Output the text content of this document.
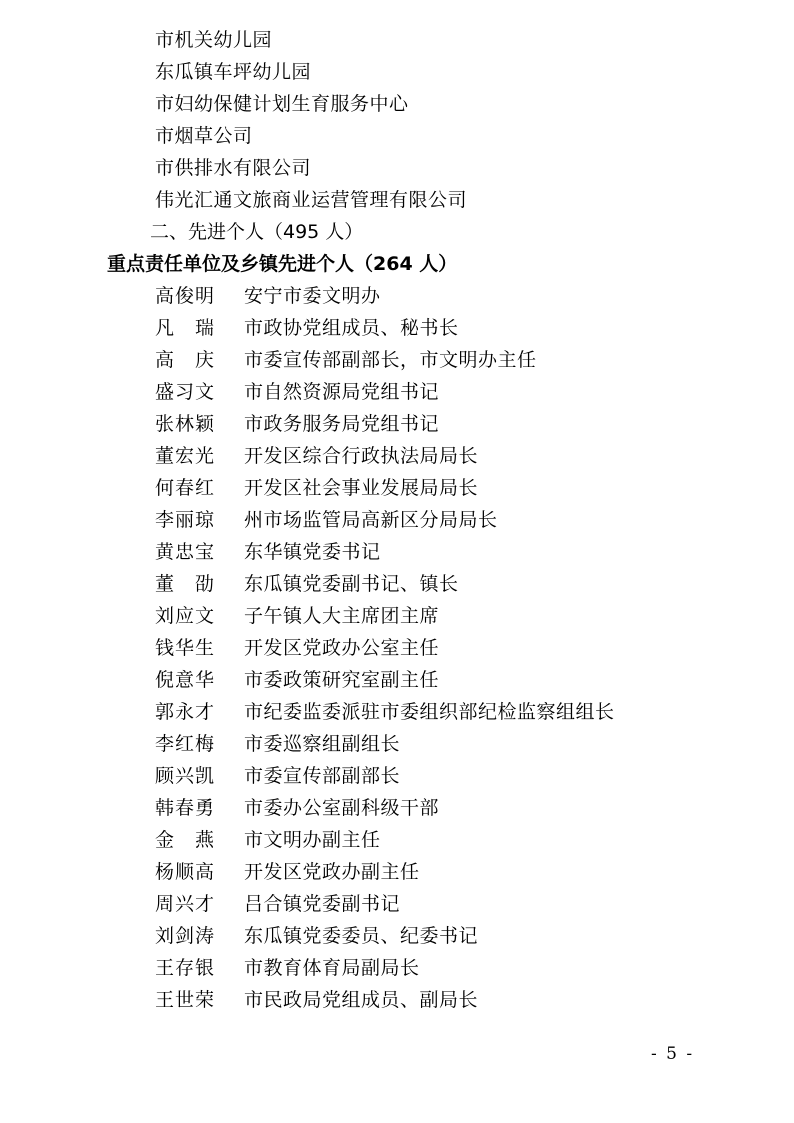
市机关幼儿园
东瓜镇车坪幼儿园
市妇幼保健计划生育服务中心
市烟草公司
市供排水有限公司
伟光汇通文旅商业运营管理有限公司
二、先进个人（495 人）
重点责任单位及乡镇先进个人（264 人）
高俊明 安宁市委文明办
凡　瑞 市政协党组成员、秘书长
高　庆 市委宣传部副部长，市文明办主任
盛习文 市自然资源局党组书记
张林颖 市政务服务局党组书记
董宏光 开发区综合行政执法局局长
何春红 开发区社会事业发展局局长
李丽琼 州市场监管局高新区分局局长
黄忠宝 东华镇党委书记
董　劭 东瓜镇党委副书记、镇长
刘应文 子午镇人大主席团主席
钱华生 开发区党政办公室主任
倪意华 市委政策研究室副主任
郭永才 市纪委监委派驻市委组织部纪检监察组组长
李红梅 市委巡察组副组长
顾兴凯 市委宣传部副部长
韩春勇 市委办公室副科级干部
金　燕 市文明办副主任
杨顺高 开发区党政办副主任
周兴才 吕合镇党委副书记
刘剑涛 东瓜镇党委委员、纪委书记
王存银 市教育体育局副局长
王世荣 市民政局党组成员、副局长
- 5 -
